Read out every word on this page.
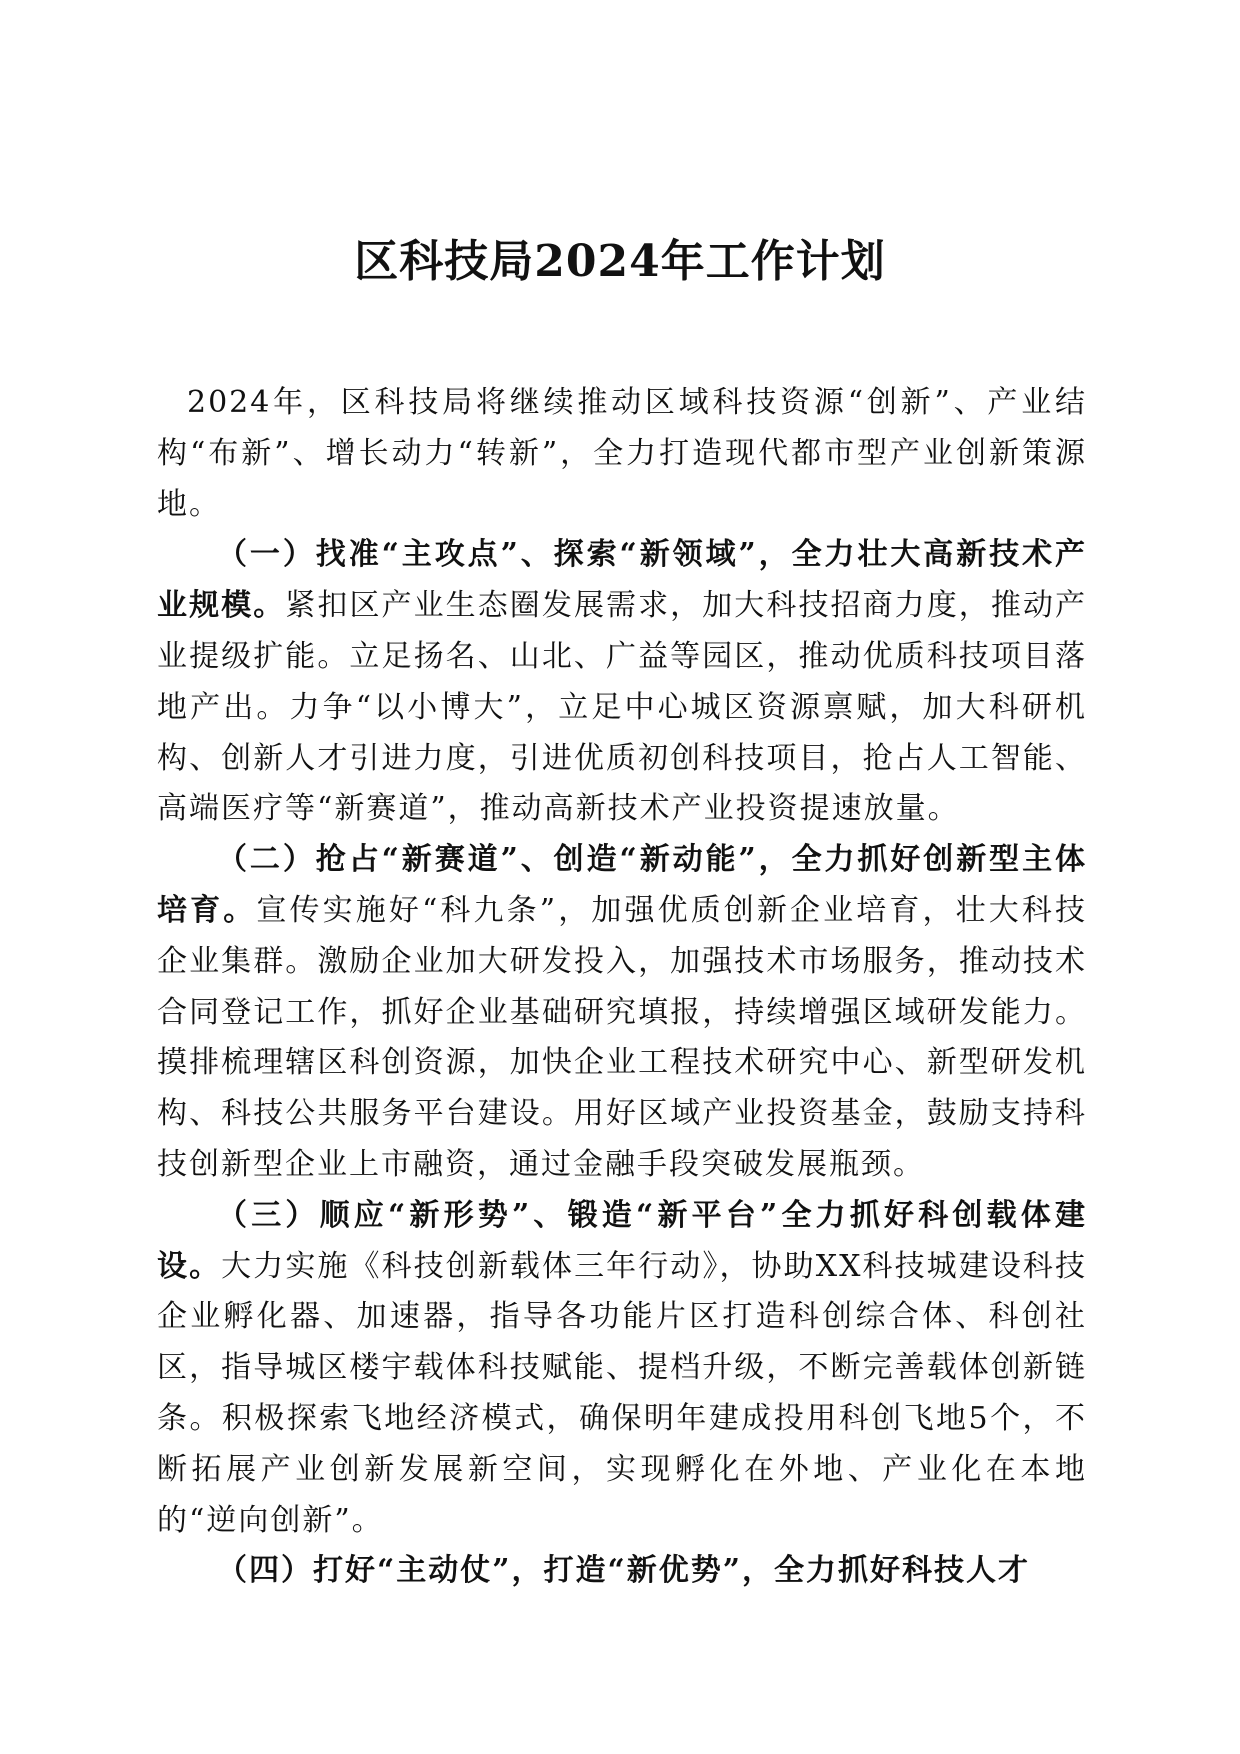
区科技局2024年工作计划

2024年，区科技局将继续推动区域科技资源“创新”、产业结构“布新”、增长动力“转新”，全力打造现代都市型产业创新策源地。

（一）找准“主攻点”、探索“新领域”，全力壮大高新技术产业规模。紧扣区产业生态圈发展需求，加大科技招商力度，推动产业提级扩能。立足扬名、山北、广益等园区，推动优质科技项目落地产出。力争“以小博大”，立足中心城区资源禀赋，加大科研机构、创新人才引进力度，引进优质初创科技项目，抢占人工智能、高端医疗等“新赛道”，推动高新技术产业投资提速放量。

（二）抢占“新赛道”、创造“新动能”，全力抓好创新型主体培育。宣传实施好“科九条”，加强优质创新企业培育，壮大科技企业集群。激励企业加大研发投入，加强技术市场服务，推动技术合同登记工作，抓好企业基础研究填报，持续增强区域研发能力。摸排梳理辖区科创资源，加快企业工程技术研究中心、新型研发机构、科技公共服务平台建设。用好区域产业投资基金，鼓励支持科技创新型企业上市融资，通过金融手段突破发展瓶颈。

（三）顺应“新形势”、锻造“新平台”全力抓好科创载体建设。大力实施《科技创新载体三年行动》，协助XX科技城建设科技企业孵化器、加速器，指导各功能片区打造科创综合体、科创社区，指导城区楼宇载体科技赋能、提档升级，不断完善载体创新链条。积极探索飞地经济模式，确保明年建成投用科创飞地5个，不断拓展产业创新发展新空间，实现孵化在外地、产业化在本地的“逆向创新”。

（四）打好“主动仗”，打造“新优势”，全力抓好科技人才
